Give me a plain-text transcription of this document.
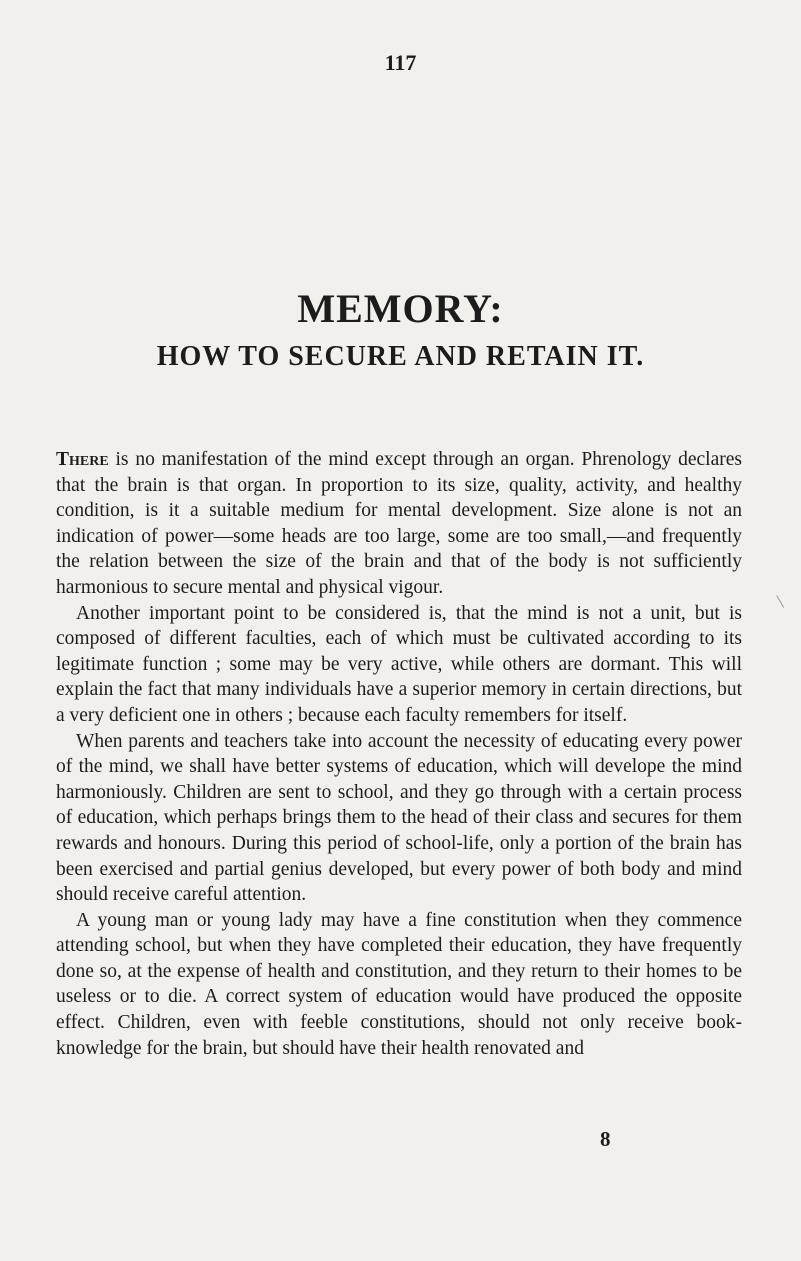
117
MEMORY:
HOW TO SECURE AND RETAIN IT.

There is no manifestation of the mind except through an organ. Phrenology declares that the brain is that organ. In proportion to its size, quality, activity, and healthy condition, is it a suitable medium for mental development. Size alone is not an indication of power—some heads are too large, some are too small,—and frequently the relation between the size of the brain and that of the body is not sufficiently harmonious to secure mental and physical vigour.

Another important point to be considered is, that the mind is not a unit, but is composed of different faculties, each of which must be cultivated according to its legitimate function ; some may be very active, while others are dormant. This will explain the fact that many individuals have a superior memory in certain directions, but a very deficient one in others ; because each faculty remembers for itself.

When parents and teachers take into account the necessity of educating every power of the mind, we shall have better systems of education, which will develope the mind harmoniously. Children are sent to school, and they go through with a certain process of education, which perhaps brings them to the head of their class and secures for them rewards and honours. During this period of school-life, only a portion of the brain has been exercised and partial genius developed, but every power of both body and mind should receive careful attention.

A young man or young lady may have a fine constitution when they commence attending school, but when they have completed their education, they have frequently done so, at the expense of health and constitution, and they return to their homes to be useless or to die. A correct system of education would have produced the opposite effect. Children, even with feeble constitutions, should not only receive book-knowledge for the brain, but should have their health renovated and

8
